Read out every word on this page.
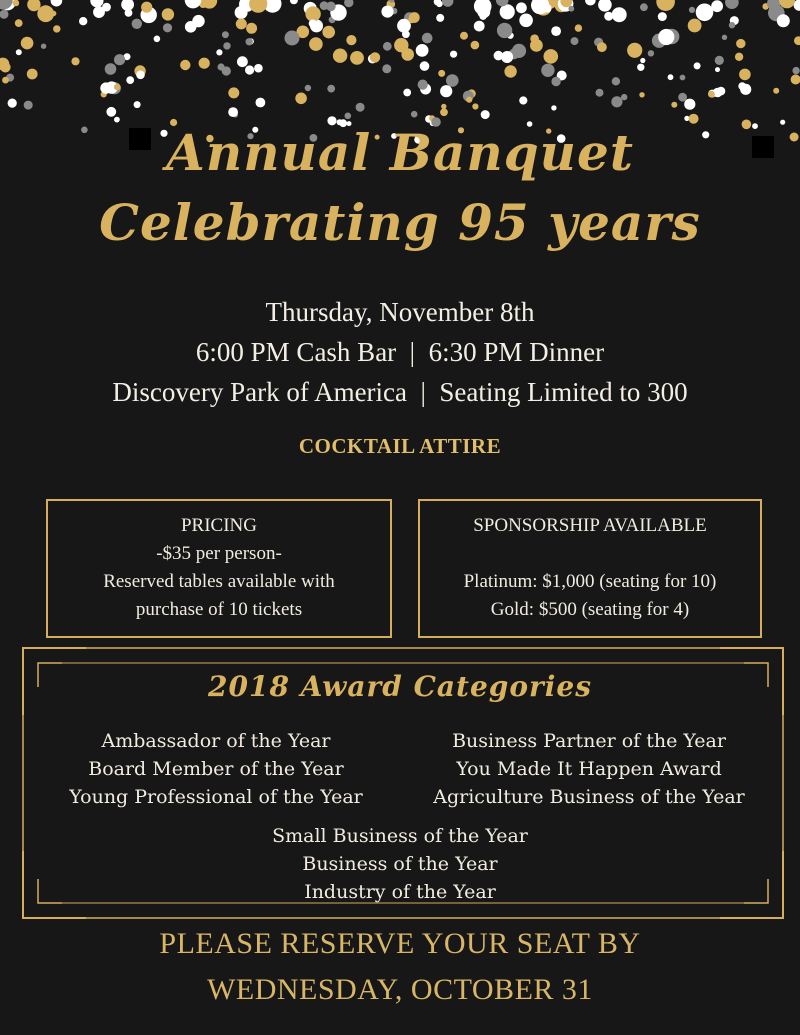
Annual Banquet
Celebrating 95 years
Thursday, November 8th
6:00 PM Cash Bar  |  6:30 PM Dinner
Discovery Park of America  |  Seating Limited to 300
COCKTAIL ATTIRE
PRICING
-$35 per person-
Reserved tables available with
purchase of 10 tickets
SPONSORSHIP AVAILABLE
Platinum: $1,000 (seating for 10)
Gold: $500 (seating for 4)
2018 Award Categories
Ambassador of the Year
Board Member of the Year
Young Professional of the Year
Business Partner of the Year
You Made It Happen Award
Agriculture Business of the Year
Small Business of the Year
Business of the Year
Industry of the Year
PLEASE RESERVE YOUR SEAT BY
WEDNESDAY, OCTOBER 31
